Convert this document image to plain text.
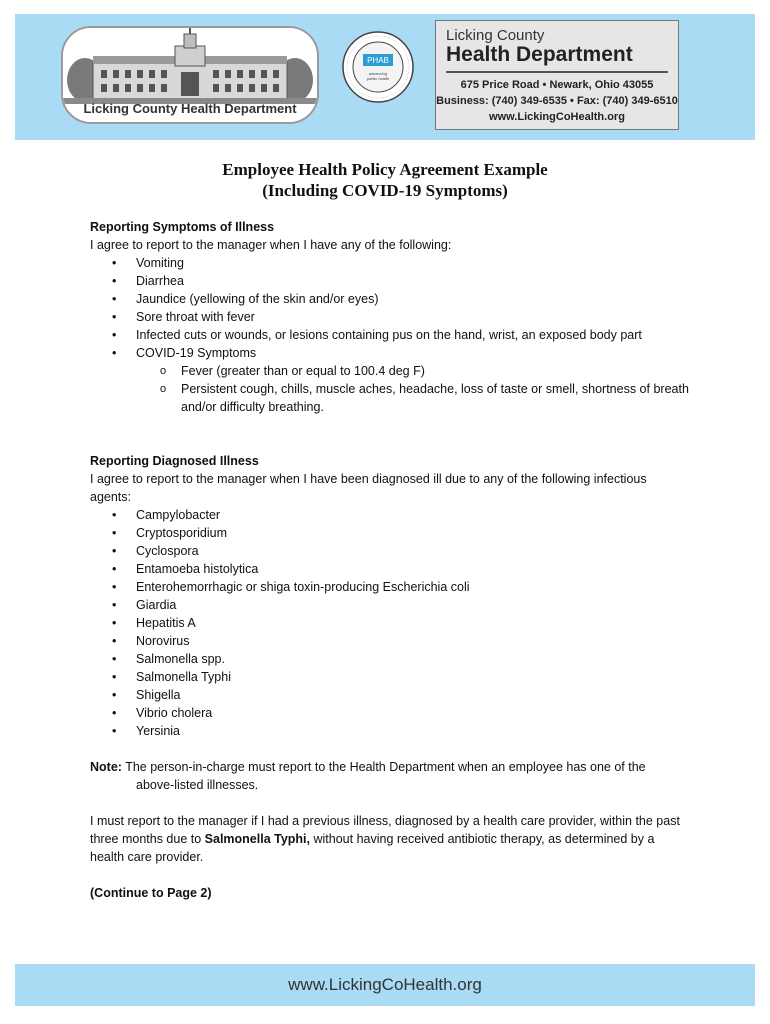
Licking County Health Department
PHAB
advancing
public health
Licking County
Health Department
675 Price Road • Newark, Ohio 43055
Business: (740) 349-6535 • Fax: (740) 349-6510
www.LickingCoHealth.org
Employee Health Policy Agreement Example
(Including COVID-19 Symptoms)
Reporting Symptoms of Illness
I agree to report to the manager when I have any of the following:
• Vomiting
• Diarrhea
• Jaundice (yellowing of the skin and/or eyes)
• Sore throat with fever
• Infected cuts or wounds, or lesions containing pus on the hand, wrist, an exposed body part
• COVID-19 Symptoms
o Fever (greater than or equal to 100.4 deg F)
o Persistent cough, chills, muscle aches, headache, loss of taste or smell, shortness of breath and/or difficulty breathing.
Reporting Diagnosed Illness
I agree to report to the manager when I have been diagnosed ill due to any of the following infectious agents:
• Campylobacter
• Cryptosporidium
• Cyclospora
• Entamoeba histolytica
• Enterohemorrhagic or shiga toxin-producing Escherichia coli
• Giardia
• Hepatitis A
• Norovirus
• Salmonella spp.
• Salmonella Typhi
• Shigella
• Vibrio cholera
• Yersinia
Note: The person-in-charge must report to the Health Department when an employee has one of the
above-listed illnesses.
I must report to the manager if I had a previous illness, diagnosed by a health care provider, within the past three months due to Salmonella Typhi, without having received antibiotic therapy, as determined by a health care provider.
(Continue to Page 2)
www.LickingCoHealth.org
